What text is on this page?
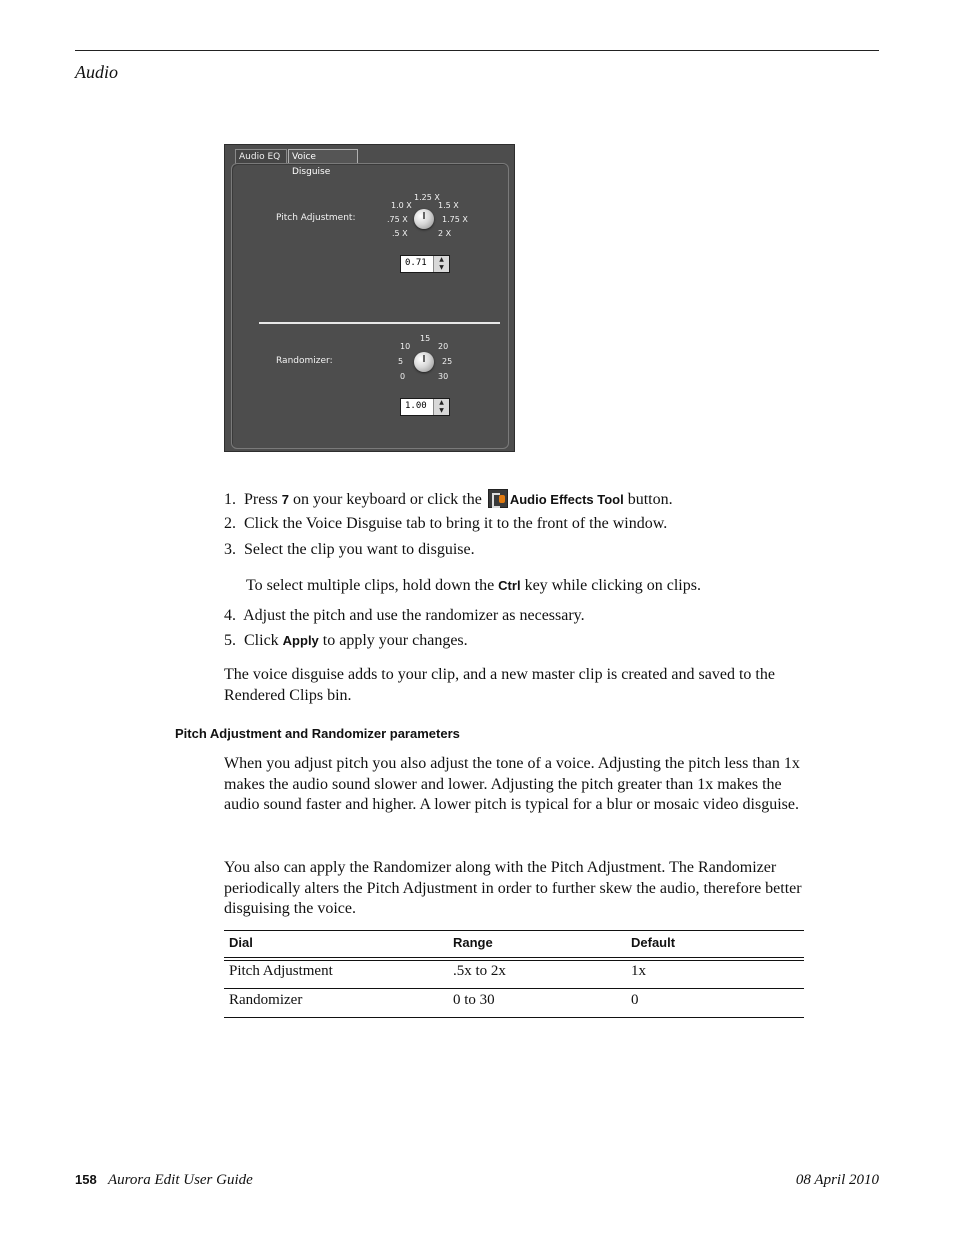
Audio
Audio EQ	Voice Disguise
Pitch Adjustment:
1.25 X
1.0 X	1.5 X
.75 X	1.75 X
.5 X	2 X
0.71	▲
▼
Randomizer:
15
10	20
5	25
0	30
1.00	▲
▼
1. Press 7 on your keyboard or click the Audio Effects Tool button.
2. Click the Voice Disguise tab to bring it to the front of the window.
3. Select the clip you want to disguise.
To select multiple clips, hold down the Ctrl key while clicking on clips.
4. Adjust the pitch and use the randomizer as necessary.
5. Click Apply to apply your changes.
The voice disguise adds to your clip, and a new master clip is created and saved to the Rendered Clips bin.
Pitch Adjustment and Randomizer parameters
When you adjust pitch you also adjust the tone of a voice. Adjusting the pitch less than 1x makes the audio sound slower and lower. Adjusting the pitch greater than 1x makes the audio sound faster and higher. A lower pitch is typical for a blur or mosaic video disguise.
You also can apply the Randomizer along with the Pitch Adjustment. The Randomizer periodically alters the Pitch Adjustment in order to further skew the audio, therefore better disguising the voice.
Dial	Range	Default
Pitch Adjustment	.5x to 2x	1x
Randomizer	0 to 30	0
158 Aurora Edit User Guide	08 April 2010
